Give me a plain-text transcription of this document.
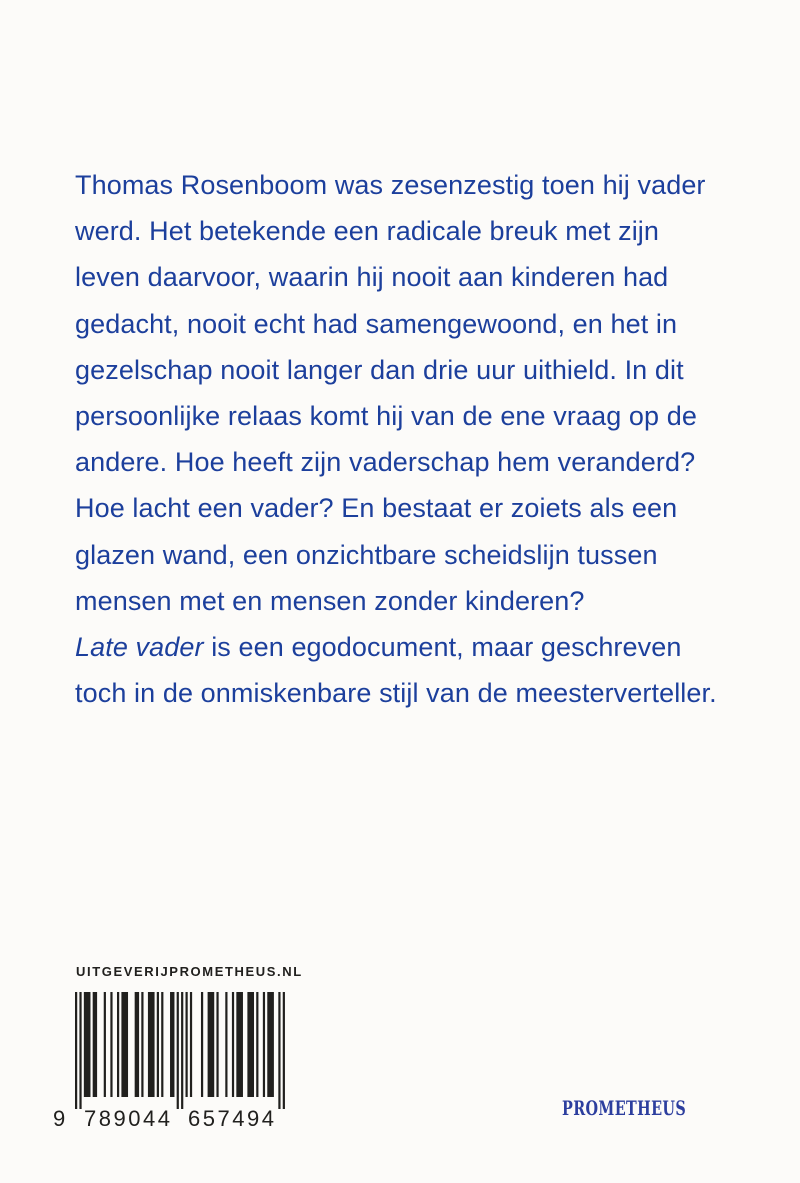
Thomas Rosenboom was zesenzestig toen hij vader
werd. Het betekende een radicale breuk met zijn
leven daarvoor, waarin hij nooit aan kinderen had
gedacht, nooit echt had samengewoond, en het in
gezelschap nooit langer dan drie uur uithield. In dit
persoonlijke relaas komt hij van de ene vraag op de
andere. Hoe heeft zijn vaderschap hem veranderd?
Hoe lacht een vader? En bestaat er zoiets als een
glazen wand, een onzichtbare scheidslijn tussen
mensen met en mensen zonder kinderen?
Late vader is een egodocument, maar geschreven
toch in de onmiskenbare stijl van de meesterverteller.
UITGEVERIJPROMETHEUS.NL
9 789044 657494	PROMETHEUS
